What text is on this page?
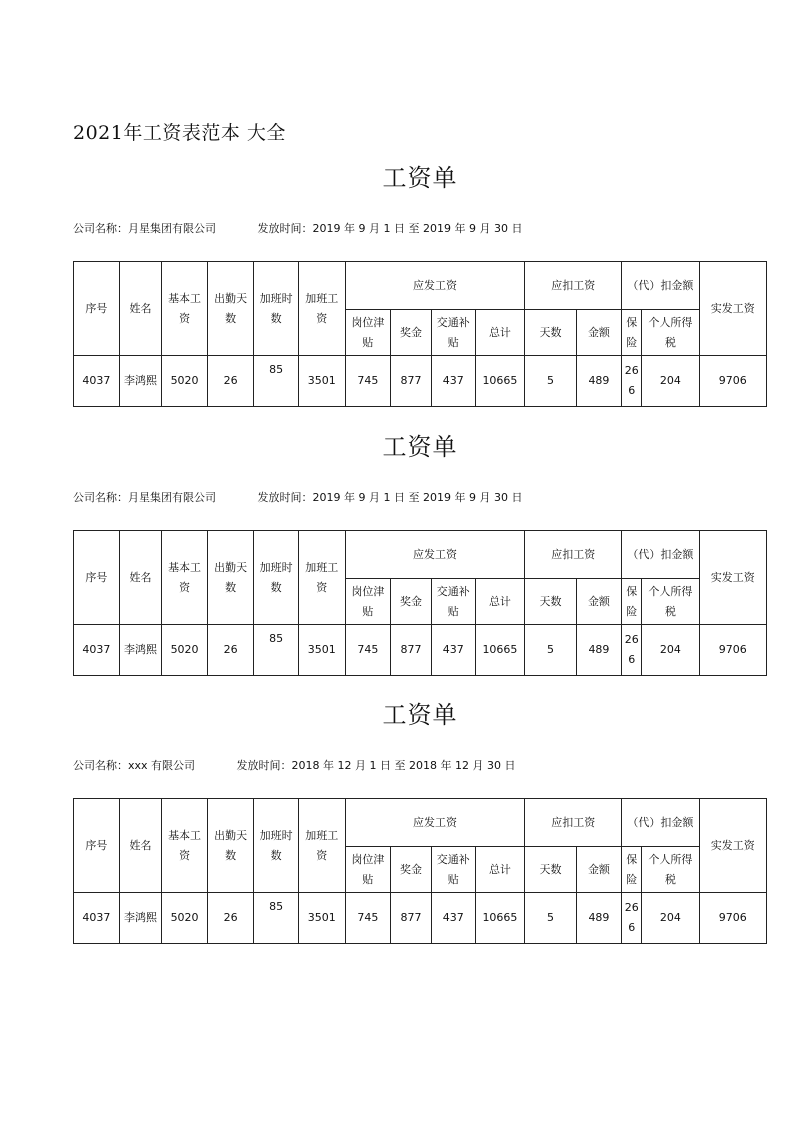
2021年工资表范本 大全
工资单
公司名称：月星集团有限公司	发放时间：2019 年 9 月 1 日 至 2019 年 9 月 30 日
序号	姓名	基本工资	出勤天数	加班时数	加班工资	应发工资				应扣工资		（代）扣金额		实发工资
						岗位津贴	奖金	交通补贴	总计	天数	金额	保险	个人所得税	
4037	李鸿熙	5020	26	85	3501	745	877	437	10665	5	489	266	204	9706
工资单
公司名称：月星集团有限公司	发放时间：2019 年 9 月 1 日 至 2019 年 9 月 30 日
序号	姓名	基本工资	出勤天数	加班时数	加班工资	应发工资				应扣工资		（代）扣金额		实发工资
						岗位津贴	奖金	交通补贴	总计	天数	金额	保险	个人所得税	
4037	李鸿熙	5020	26	85	3501	745	877	437	10665	5	489	266	204	9706
工资单
公司名称：xxx 有限公司	发放时间：2018 年 12 月 1 日 至 2018 年 12 月 30 日
序号	姓名	基本工资	出勤天数	加班时数	加班工资	应发工资				应扣工资		（代）扣金额		实发工资
						岗位津贴	奖金	交通补贴	总计	天数	金额	保险	个人所得税	
4037	李鸿熙	5020	26	85	3501	745	877	437	10665	5	489	266	204	9706
